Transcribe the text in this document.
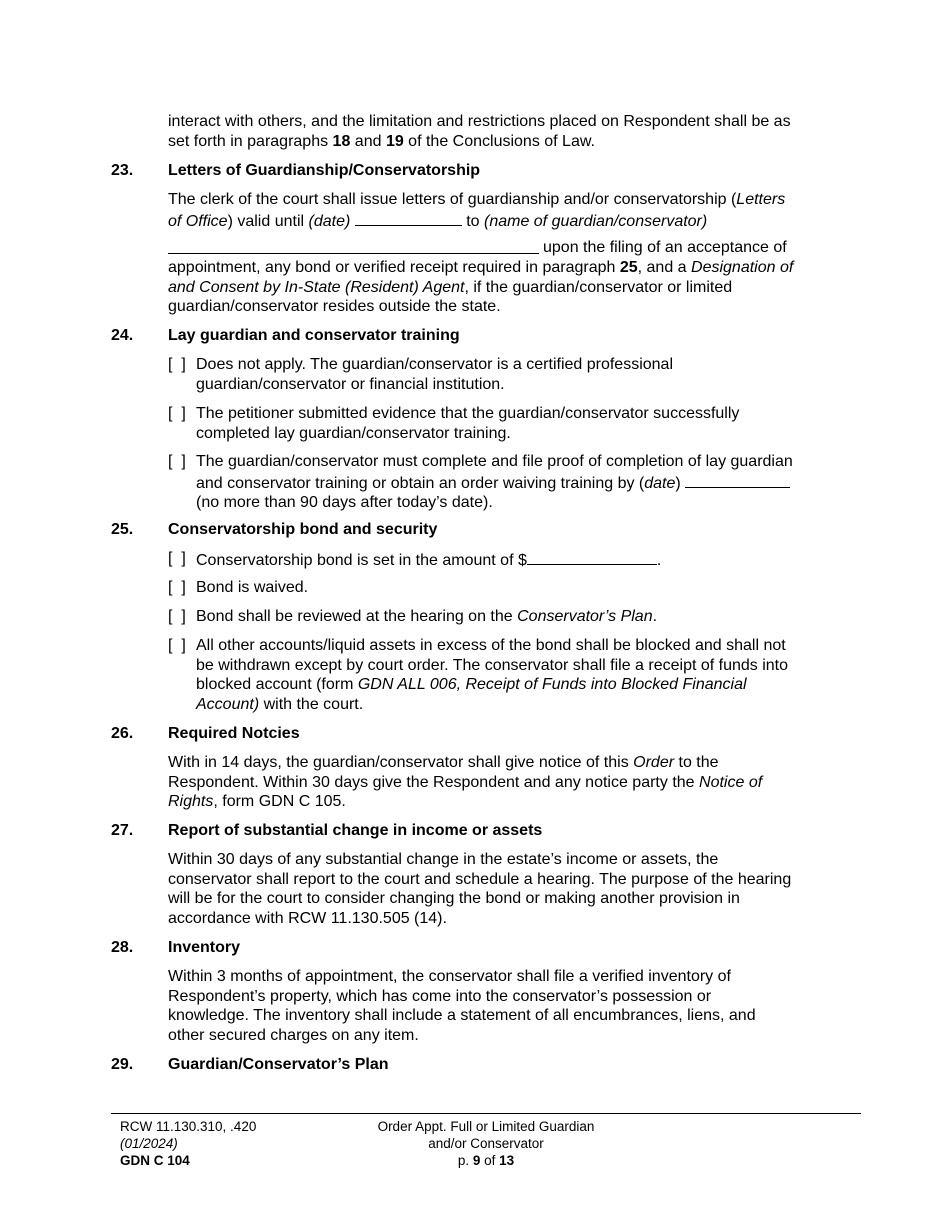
interact with others, and the limitation and restrictions placed on Respondent shall be as
set forth in paragraphs 18 and 19 of the Conclusions of Law.
23. Letters of Guardianship/Conservatorship
The clerk of the court shall issue letters of guardianship and/or conservatorship (Letters
of Office) valid until (date)	to (name of guardian/conservator)
upon the filing of an acceptance of
appointment, any bond or verified receipt required in paragraph 25, and a Designation of
and Consent by In-State (Resident) Agent, if the guardian/conservator or limited
guardian/conservator resides outside the state.
24. Lay guardian and conservator training
[  ] Does not apply. The guardian/conservator is a certified professional
guardian/conservator or financial institution.
[  ] The petitioner submitted evidence that the guardian/conservator successfully
completed lay guardian/conservator training.
[  ] The guardian/conservator must complete and file proof of completion of lay guardian
and conservator training or obtain an order waiving training by (date)
(no more than 90 days after today’s date).
25. Conservatorship bond and security
[  ] Conservatorship bond is set in the amount of $	.
[  ] Bond is waived.
[  ] Bond shall be reviewed at the hearing on the Conservator’s Plan.
[  ] All other accounts/liquid assets in excess of the bond shall be blocked and shall not
be withdrawn except by court order. The conservator shall file a receipt of funds into
blocked account (form GDN ALL 006, Receipt of Funds into Blocked Financial
Account) with the court.
26. Required Notcies
With in 14 days, the guardian/conservator shall give notice of this Order to the
Respondent. Within 30 days give the Respondent and any notice party the Notice of
Rights, form GDN C 105.
27. Report of substantial change in income or assets
Within 30 days of any substantial change in the estate’s income or assets, the
conservator shall report to the court and schedule a hearing. The purpose of the hearing
will be for the court to consider changing the bond or making another provision in
accordance with RCW 11.130.505 (14).
28. Inventory
Within 3 months of appointment, the conservator shall file a verified inventory of
Respondent’s property, which has come into the conservator’s possession or
knowledge. The inventory shall include a statement of all encumbrances, liens, and
other secured charges on any item.
29. Guardian/Conservator’s Plan
RCW 11.130.310, .420
(01/2024)
GDN C 104
Order Appt. Full or Limited Guardian
and/or Conservator
p. 9 of 13
